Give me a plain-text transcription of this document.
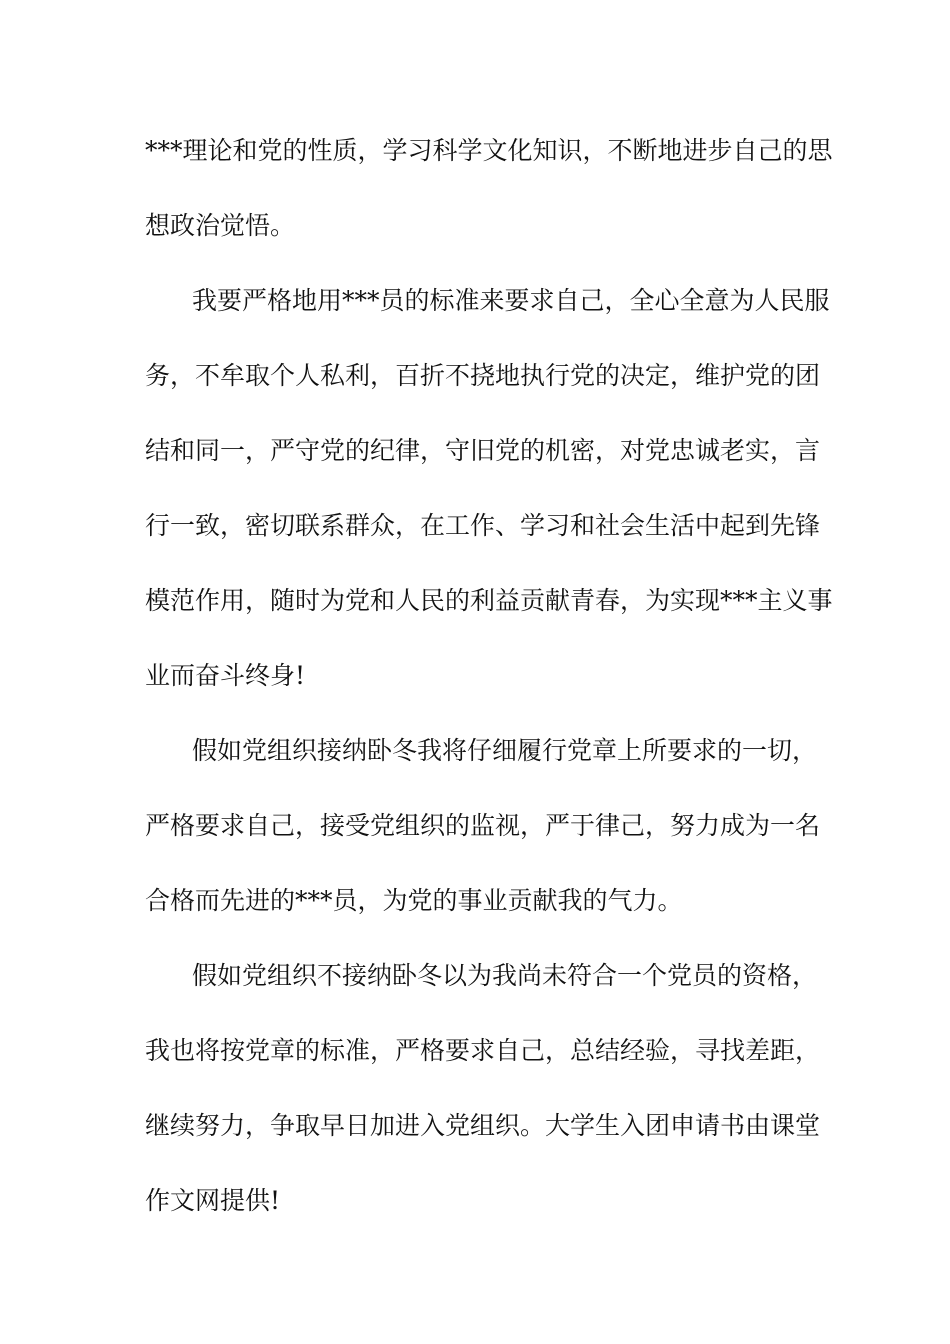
***理论和党的性质，学习科学文化知识，不断地进步自己的思
想政治觉悟。
我要严格地用***员的标准来要求自己，全心全意为人民服
务，不牟取个人私利，百折不挠地执行党的决定，维护党的团
结和同一，严守党的纪律，守旧党的机密，对党忠诚老实，言
行一致，密切联系群众，在工作、学习和社会生活中起到先锋
模范作用，随时为党和人民的利益贡献青春，为实现***主义事
业而奋斗终身!
假如党组织接纳卧冬我将仔细履行党章上所要求的一切，
严格要求自己，接受党组织的监视，严于律己，努力成为一名
合格而先进的***员，为党的事业贡献我的气力。
假如党组织不接纳卧冬以为我尚未符合一个党员的资格，
我也将按党章的标准，严格要求自己，总结经验，寻找差距，
继续努力，争取早日加进入党组织。大学生入团申请书由课堂
作文网提供!
